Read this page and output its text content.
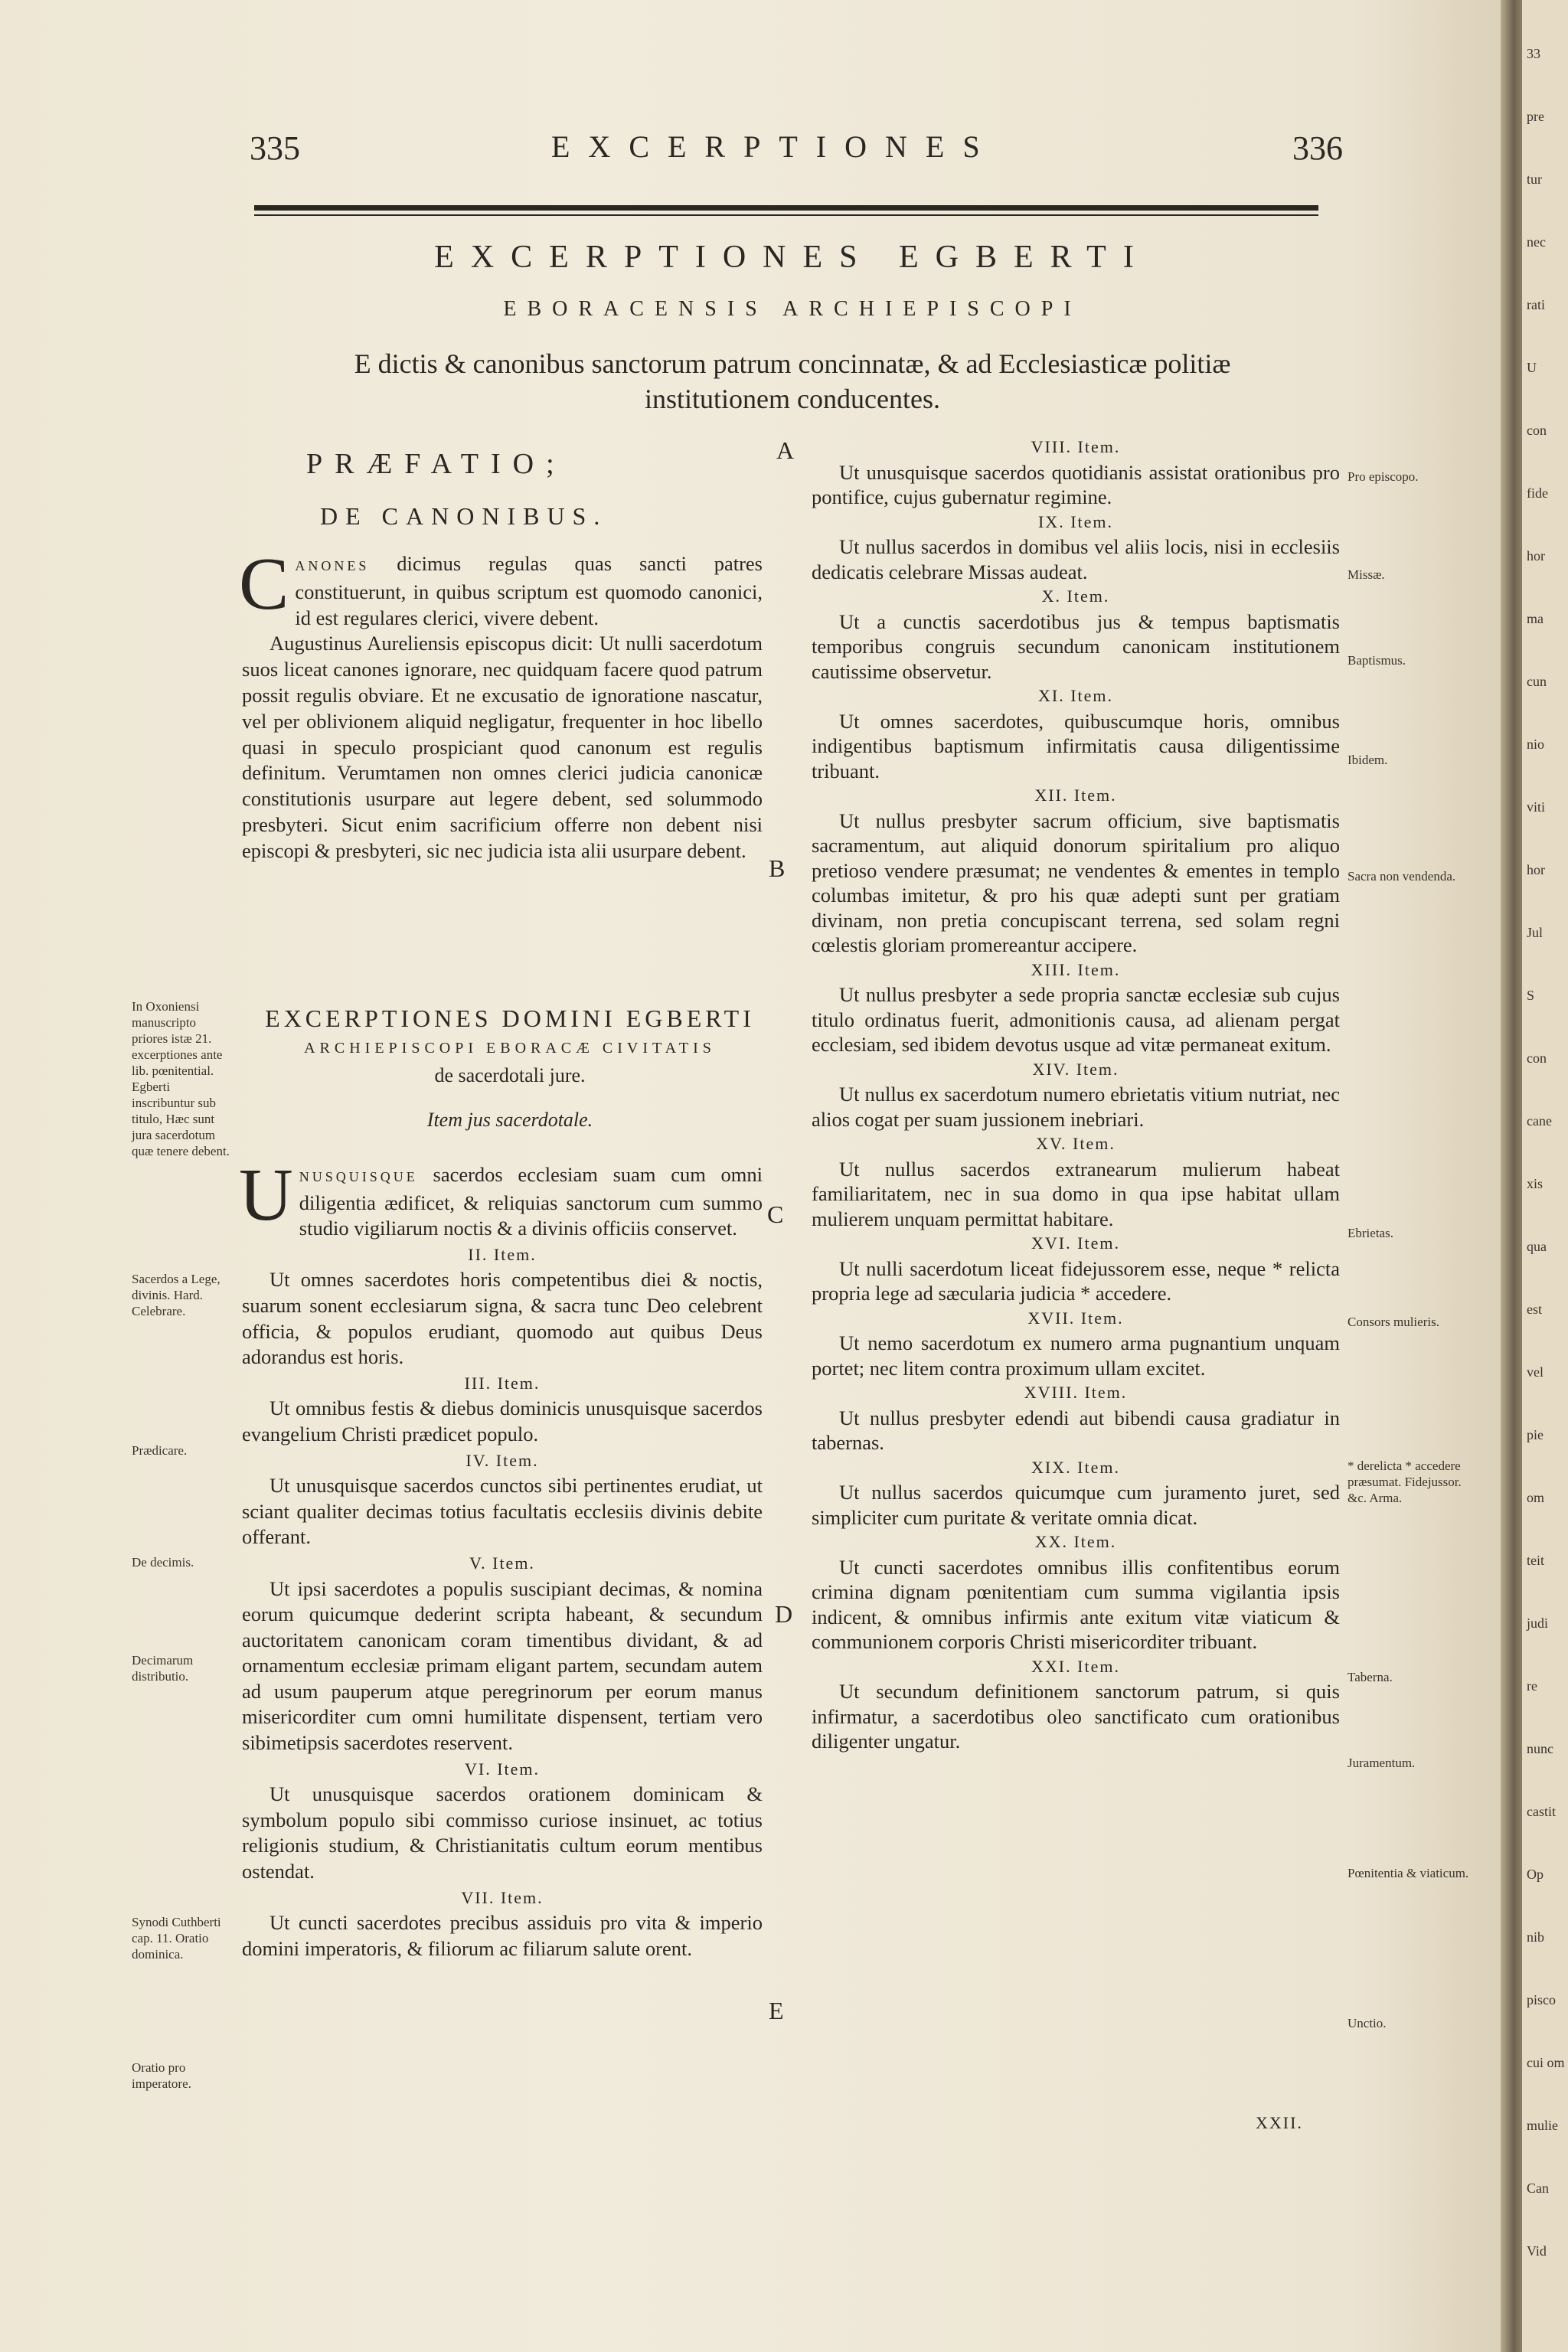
33
pre
tur
nec
rati
U
con
fide
hor
ma
cun
nio
viti
hor
Jul
S
con
cane
xis
qua
est
vel
pie
om
teit
judi
re
nunc
castit
Op
nib
pisco
cui om
mulie
Can
Vid
335	EXCERPTIONES	336
EXCERPTIONES EGBERTI
EBORACENSIS ARCHIEPISCOPI
E dictis & canonibus sanctorum patrum concinnatæ, & ad Ecclesiasticæ politiæ institutionem conducentes.
PRÆFATIO;
DE CANONIBUS.

CANONES dicimus regulas quas sancti patres constituerunt, in quibus scriptum est quomodo canonici, id est regulares clerici, vivere debent.

Augustinus Aureliensis episcopus dicit: Ut nulli sacerdotum suos liceat canones ignorare, nec quidquam facere quod patrum possit regulis obviare. Et ne excusatio de ignoratione nascatur, vel per oblivionem aliquid negligatur, frequenter in hoc libello quasi in speculo prospiciant quod canonum est regulis definitum. Verumtamen non omnes clerici judicia canonicæ constitutionis usurpare aut legere debent, sed solummodo presbyteri. Sicut enim sacrificium offerre non debent nisi episcopi & presbyteri, sic nec judicia ista alii usurpare debent.

EXCERPTIONES DOMINI EGBERTI
ARCHIEPISCOPI EBORACÆ CIVITATIS
de sacerdotali jure.
Item jus sacerdotale.

UNUSQUISQUE sacerdos ecclesiam suam cum omni diligentia ædificet, & reliquias sanctorum cum summo studio vigiliarum noctis & a divinis officiis conservet.

II. Item.

Ut omnes sacerdotes horis competentibus diei & noctis, suarum sonent ecclesiarum signa, & sacra tunc Deo celebrent officia, & populos erudiant, quomodo aut quibus Deus adorandus est horis.

III. Item.

Ut omnibus festis & diebus dominicis unusquisque sacerdos evangelium Christi prædicet populo.

IV. Item.

Ut unusquisque sacerdos cunctos sibi pertinentes erudiat, ut sciant qualiter decimas totius facultatis ecclesiis divinis debite offerant.

V. Item.

Ut ipsi sacerdotes a populis suscipiant decimas, & nomina eorum quicumque dederint scripta habeant, & secundum auctoritatem canonicam coram timentibus dividant, & ad ornamentum ecclesiæ primam eligant partem, secundam autem ad usum pauperum atque peregrinorum per eorum manus misericorditer cum omni humilitate dispensent, tertiam vero sibimetipsis sacerdotes reservent.

VI. Item.

Ut unusquisque sacerdos orationem dominicam & symbolum populo sibi commisso curiose insinuet, ac totius religionis studium, & Christianitatis cultum eorum mentibus ostendat.

VII. Item.

Ut cuncti sacerdotes precibus assiduis pro vita & imperio domini imperatoris, & filiorum ac filiarum salute orent.

VIII. Item.

Ut unusquisque sacerdos quotidianis assistat orationibus pro pontifice, cujus gubernatur regimine.

IX. Item.

Ut nullus sacerdos in domibus vel aliis locis, nisi in ecclesiis dedicatis celebrare Missas audeat.

X. Item.

Ut a cunctis sacerdotibus jus & tempus baptismatis temporibus congruis secundum canonicam institutionem cautissime observetur.

XI. Item.

Ut omnes sacerdotes, quibuscumque horis, omnibus indigentibus baptismum infirmitatis causa diligentissime tribuant.

XII. Item.

Ut nullus presbyter sacrum officium, sive baptismatis sacramentum, aut aliquid donorum spiritalium pro aliquo pretioso vendere præsumat; ne vendentes & ementes in templo columbas imitetur, & pro his quæ adepti sunt per gratiam divinam, non pretia concupiscant terrena, sed solam regni cœlestis gloriam promereantur accipere.

XIII. Item.

Ut nullus presbyter a sede propria sanctæ ecclesiæ sub cujus titulo ordinatus fuerit, admonitionis causa, ad alienam pergat ecclesiam, sed ibidem devotus usque ad vitæ permaneat exitum.

XIV. Item.

Ut nullus ex sacerdotum numero ebrietatis vitium nutriat, nec alios cogat per suam jussionem inebriari.

XV. Item.

Ut nullus sacerdos extranearum mulierum habeat familiaritatem, nec in sua domo in qua ipse habitat ullam mulierem unquam permittat habitare.

XVI. Item.

Ut nulli sacerdotum liceat fidejussorem esse, neque * relicta propria lege ad sæcularia judicia * accedere.

XVII. Item.

Ut nemo sacerdotum ex numero arma pugnantium unquam portet; nec litem contra proximum ullam excitet.

XVIII. Item.

Ut nullus presbyter edendi aut bibendi causa gradiatur in tabernas.

XIX. Item.

Ut nullus sacerdos quicumque cum juramento juret, sed simpliciter cum puritate & veritate omnia dicat.

XX. Item.

Ut cuncti sacerdotes omnibus illis confitentibus eorum crimina dignam pœnitentiam cum summa vigilantia ipsis indicent, & omnibus infirmis ante exitum vitæ viaticum & communionem corporis Christi misericorditer tribuant.

XXI. Item.

Ut secundum definitionem sanctorum patrum, si quis infirmatur, a sacerdotibus oleo sanctificato cum orationibus diligenter ungatur.

XXII.
A
B
C
D
E
In Oxoniensi manuscripto priores istæ 21. excerptiones ante lib. pœnitential. Egberti inscribuntur sub titulo, Hæc sunt jura sacerdotum quæ tenere debent.
Sacerdos a Lege, divinis. Hard. Celebrare.
Prædicare.
De decimis.
Decimarum distributio.
Synodi Cuthberti cap. 11. Oratio dominica.
Oratio pro imperatore.
Pro episcopo.
Missæ.
Baptismus.
Ibidem.
Sacra non vendenda.
Ebrietas.
Consors mulieris.
* derelicta * accedere præsumat. Fidejussor. &c. Arma.
Taberna.
Juramentum.
Pœnitentia & viaticum.
Unctio.
